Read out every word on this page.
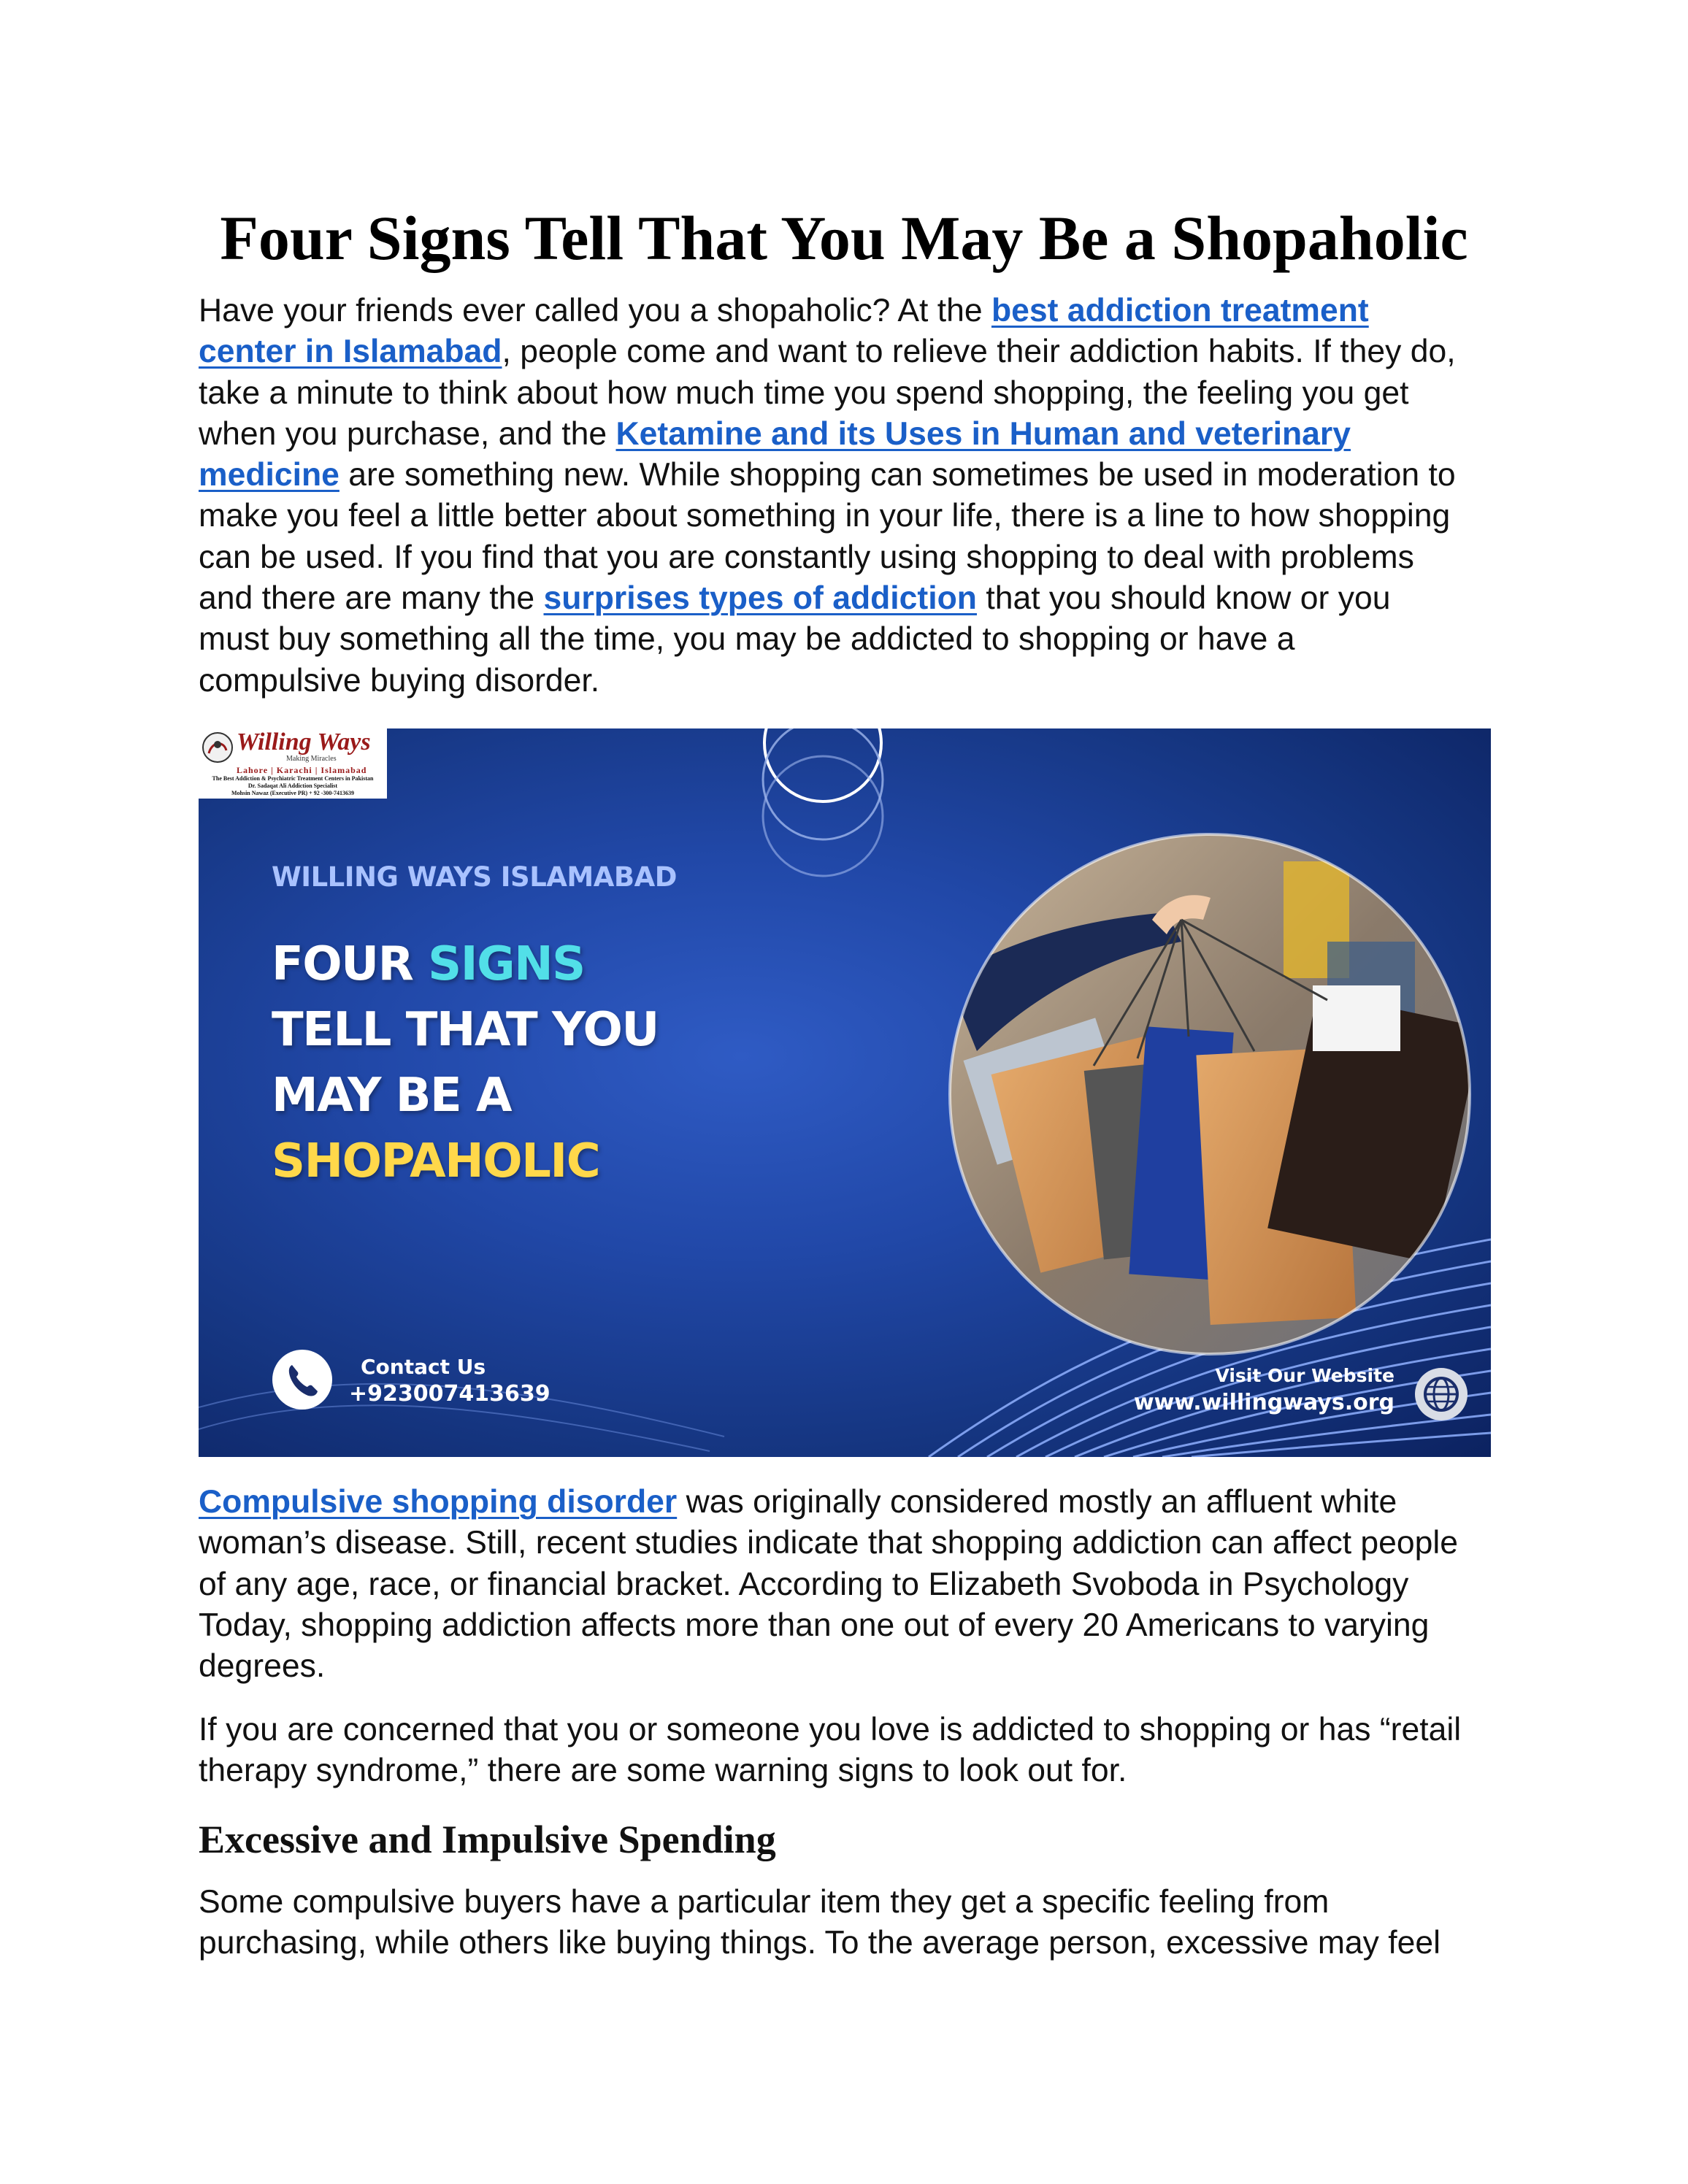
Four Signs Tell That You May Be a Shopaholic
Have your friends ever called you a shopaholic? At the best addiction treatment
center in Islamabad, people come and want to relieve their addiction habits. If they do,
take a minute to think about how much time you spend shopping, the feeling you get
when you purchase, and the Ketamine and its Uses in Human and veterinary
medicine are something new. While shopping can sometimes be used in moderation to
make you feel a little better about something in your life, there is a line to how shopping
can be used. If you find that you are constantly using shopping to deal with problems
and there are many the surprises types of addiction that you should know or you
must buy something all the time, you may be addicted to shopping or have a
compulsive buying disorder.
Willing Ways
Making Miracles
Lahore | Karachi | Islamabad
The Best Addiction & Psychiatric Treatment Centers in Pakistan
Dr. Sadaqat Ali Addiction Specialist
Mohsin Nawaz (Executive PR) + 92 -300-7413639

WILLING WAYS ISLAMABAD

FOUR SIGNS
TELL THAT YOU
MAY BE A
SHOPAHOLIC

Contact Us

+923007413639

Visit Our Website

www.willingways.org

Compulsive shopping disorder was originally considered mostly an affluent white
woman’s disease. Still, recent studies indicate that shopping addiction can affect people
of any age, race, or financial bracket. According to Elizabeth Svoboda in Psychology
Today, shopping addiction affects more than one out of every 20 Americans to varying
degrees.
If you are concerned that you or someone you love is addicted to shopping or has “retail
therapy syndrome,” there are some warning signs to look out for.
Excessive and Impulsive Spending
Some compulsive buyers have a particular item they get a specific feeling from
purchasing, while others like buying things. To the average person, excessive may feel
